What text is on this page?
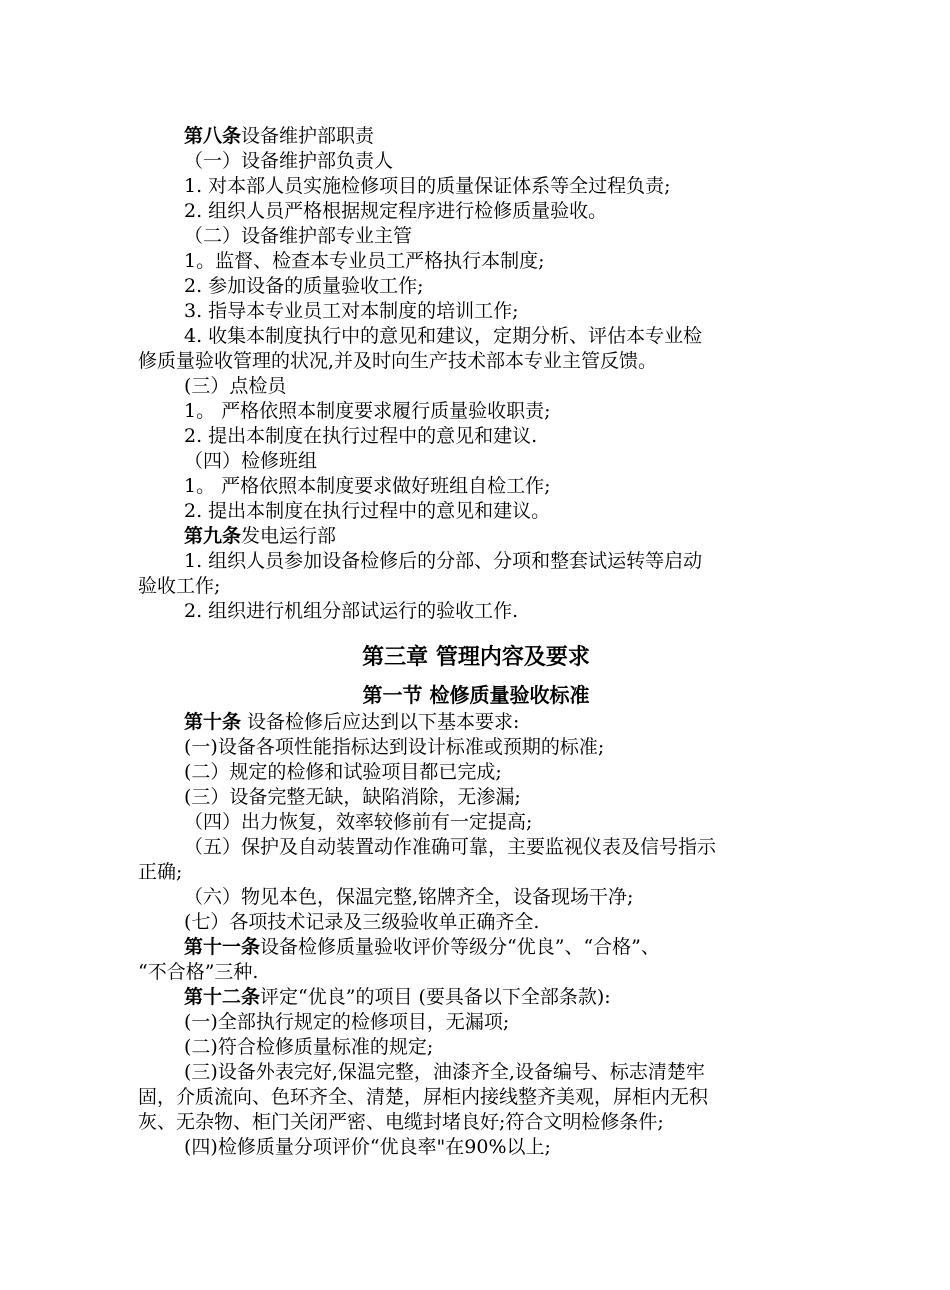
第八条设备维护部职责
（一）设备维护部负责人
1. 对本部人员实施检修项目的质量保证体系等全过程负责;
2. 组织人员严格根据规定程序进行检修质量验收。
（二）设备维护部专业主管
1。监督、检查本专业员工严格执行本制度;
2. 参加设备的质量验收工作;
3. 指导本专业员工对本制度的培训工作;
4. 收集本制度执行中的意见和建议，定期分析、评估本专业检
修质量验收管理的状况,并及时向生产技术部本专业主管反馈。
(三）点检员
1。 严格依照本制度要求履行质量验收职责;
2. 提出本制度在执行过程中的意见和建议.
（四）检修班组
1。 严格依照本制度要求做好班组自检工作;
2. 提出本制度在执行过程中的意见和建议。
第九条发电运行部
1. 组织人员参加设备检修后的分部、分项和整套试运转等启动
验收工作;
2. 组织进行机组分部试运行的验收工作.
第三章 管理内容及要求
第一节 检修质量验收标准
第十条 设备检修后应达到以下基本要求:
(一)设备各项性能指标达到设计标准或预期的标准;
(二）规定的检修和试验项目都已完成;
(三）设备完整无缺，缺陷消除，无渗漏;
（四）出力恢复，效率较修前有一定提高;
（五）保护及自动装置动作准确可靠，主要监视仪表及信号指示
正确;
（六）物见本色，保温完整,铭牌齐全，设备现场干净;
(七）各项技术记录及三级验收单正确齐全.
第十一条设备检修质量验收评价等级分“优良”、“合格”、
“不合格”三种.
第十二条评定“优良”的项目 (要具备以下全部条款):
(一)全部执行规定的检修项目，无漏项;
(二)符合检修质量标准的规定;
(三)设备外表完好,保温完整，油漆齐全,设备编号、标志清楚牢
固，介质流向、色环齐全、清楚，屏柜内接线整齐美观，屏柜内无积
灰、无杂物、柜门关闭严密、电缆封堵良好;符合文明检修条件;
(四)检修质量分项评价“优良率"在90%以上;
